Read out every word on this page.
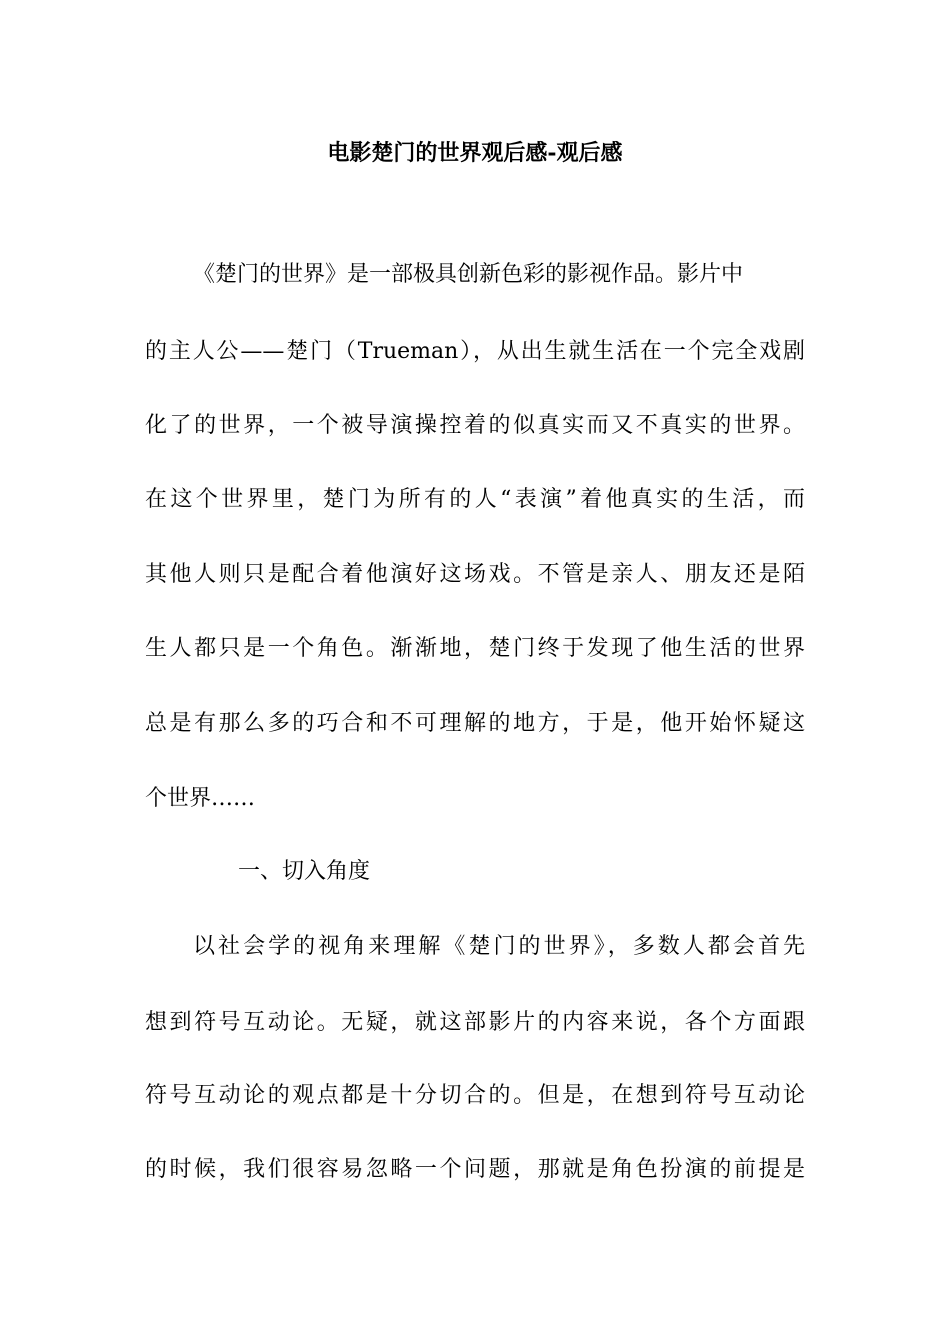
电影楚门的世界观后感-观后感
《楚门的世界》是一部极具创新色彩的影视作品。影片中
的主人公——楚门（Trueman），从出生就生活在一个完全戏剧
化了的世界，一个被导演操控着的似真实而又不真实的世界。
在这个世界里，楚门为所有的人“表演”着他真实的生活，而
其他人则只是配合着他演好这场戏。不管是亲人、朋友还是陌
生人都只是一个角色。渐渐地，楚门终于发现了他生活的世界
总是有那么多的巧合和不可理解的地方，于是，他开始怀疑这
个世界……
一、切入角度
以社会学的视角来理解《楚门的世界》，多数人都会首先
想到符号互动论。无疑，就这部影片的内容来说，各个方面跟
符号互动论的观点都是十分切合的。但是，在想到符号互动论
的时候，我们很容易忽略一个问题，那就是角色扮演的前提是
